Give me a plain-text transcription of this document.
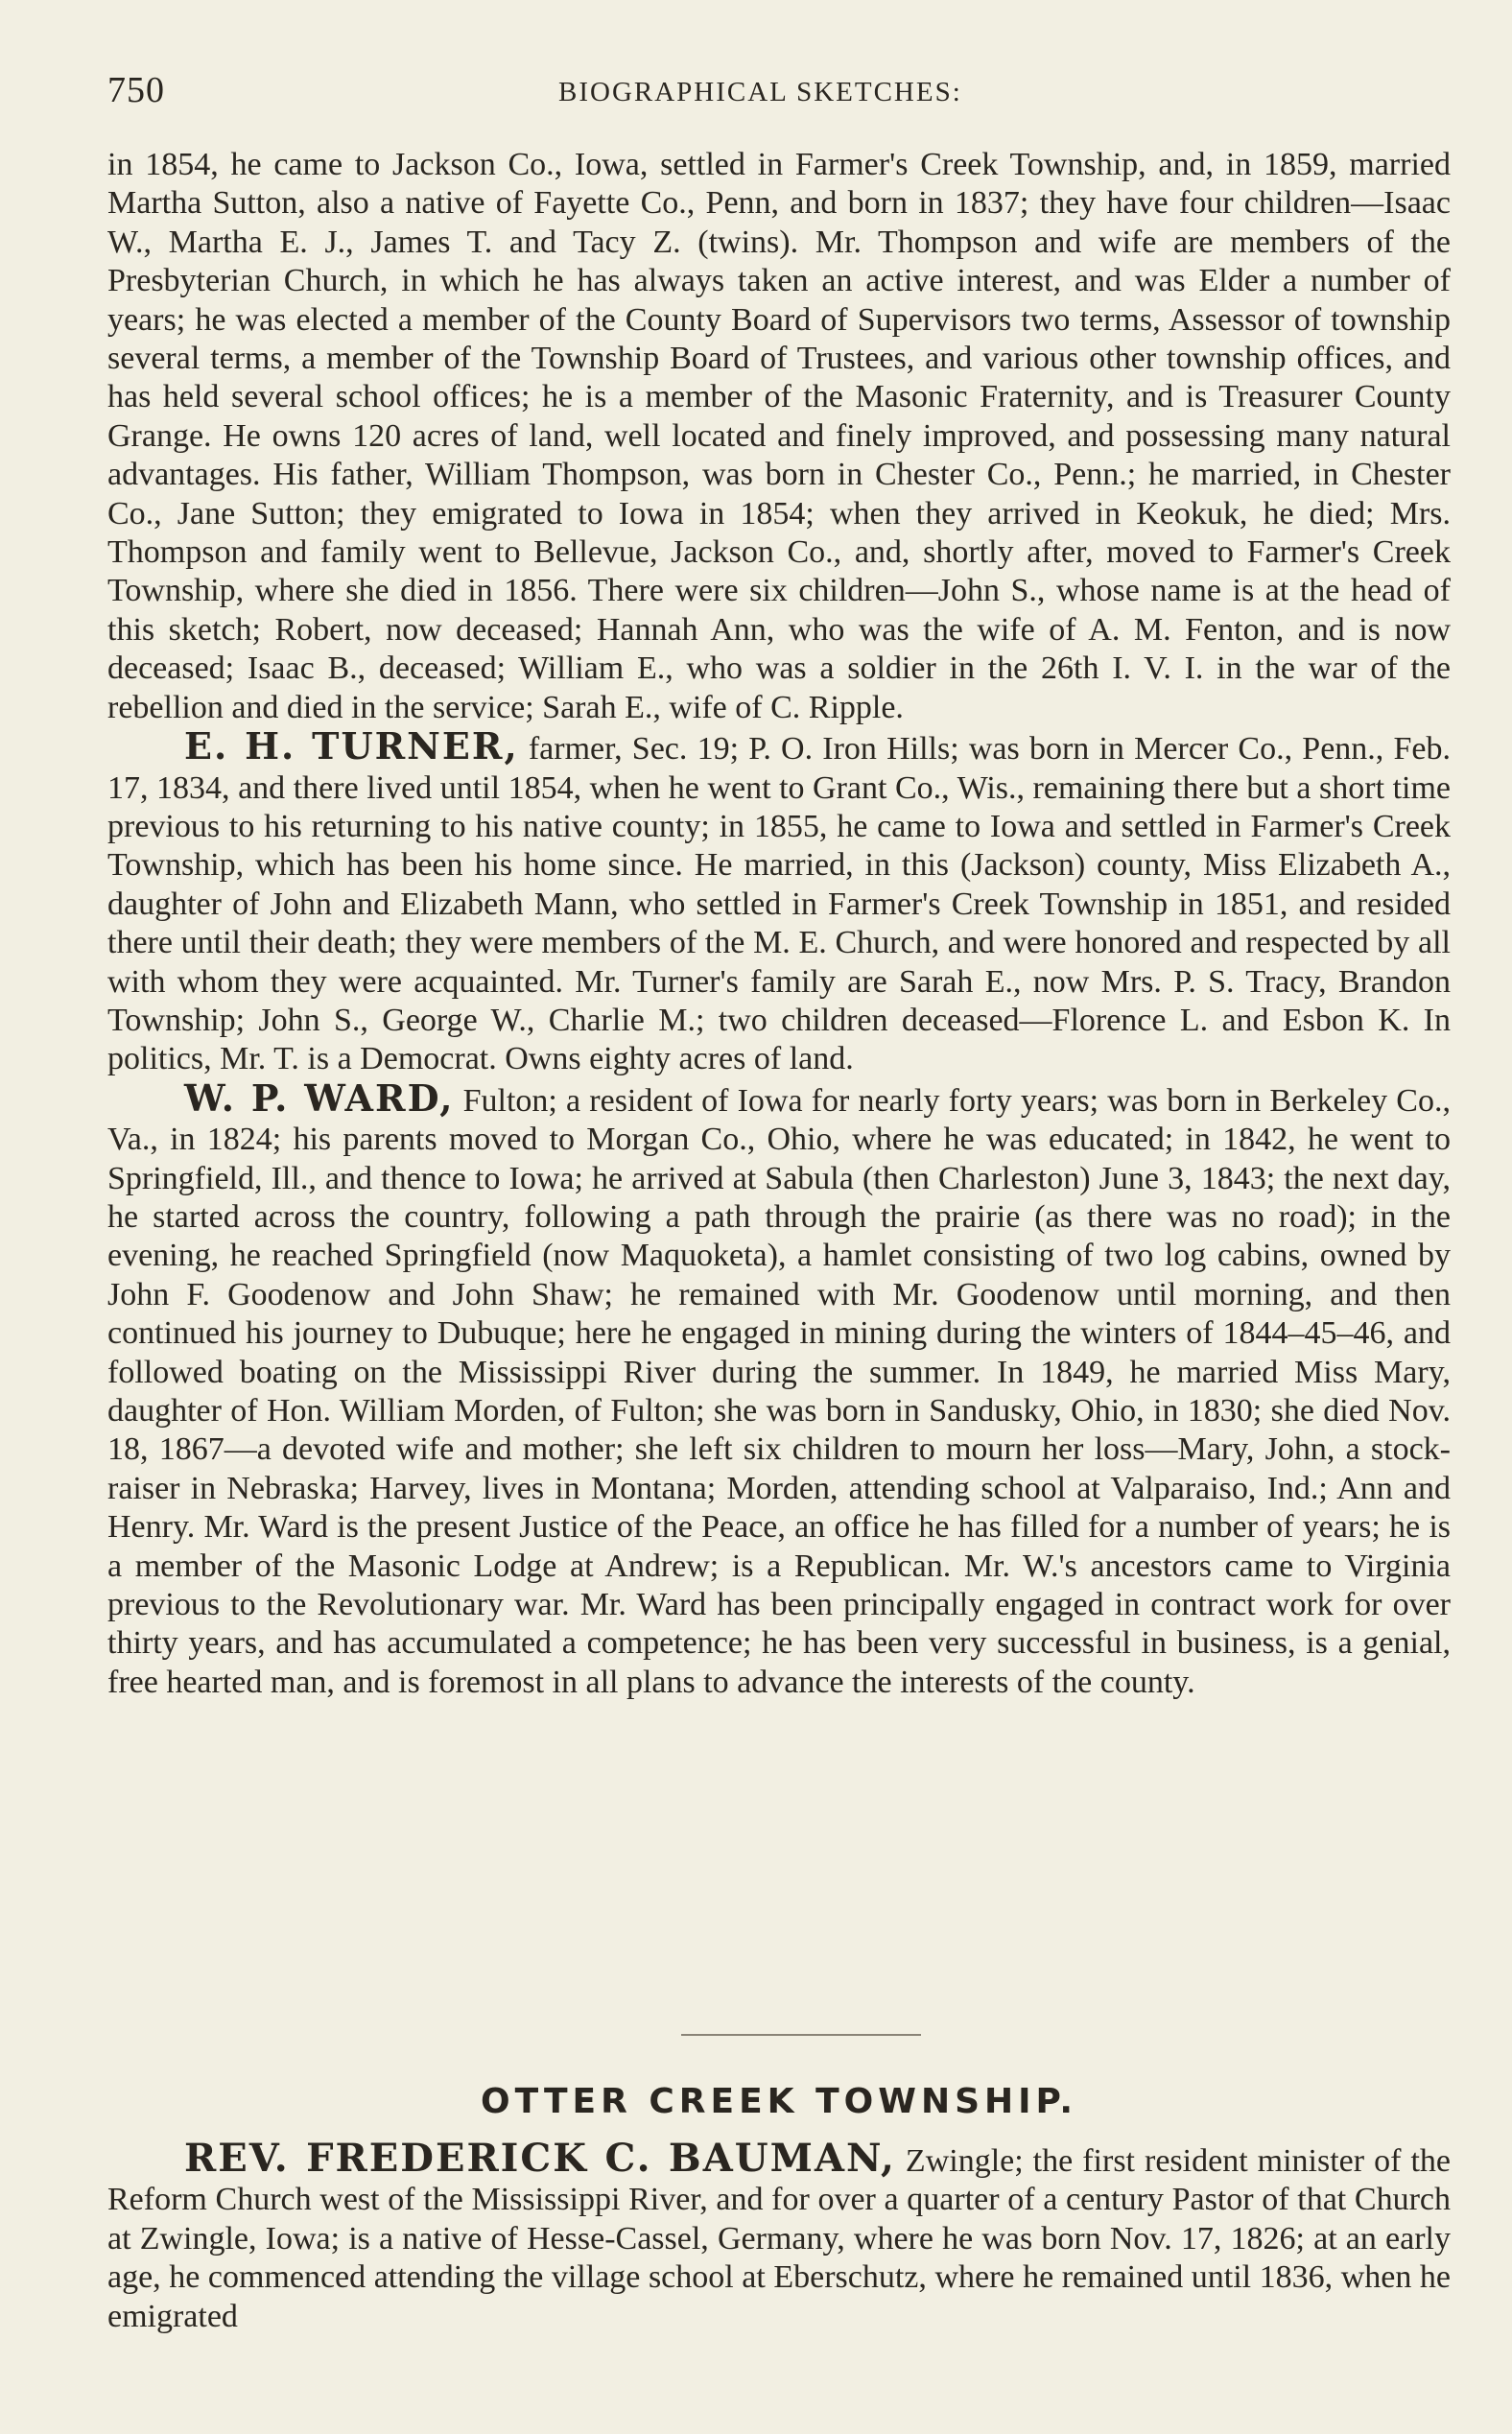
750	BIOGRAPHICAL SKETCHES:

in 1854, he came to Jackson Co., Iowa, settled in Farmer's Creek Township, and, in 1859, married Martha Sutton, also a native of Fayette Co., Penn, and born in 1837; they have four children—Isaac W., Martha E. J., James T. and Tacy Z. (twins). Mr. Thompson and wife are members of the Presbyterian Church, in which he has always taken an active interest, and was Elder a number of years; he was elected a member of the County Board of Supervisors two terms, Assessor of township several terms, a member of the Township Board of Trustees, and various other township offices, and has held several school offices; he is a member of the Masonic Fraternity, and is Treasurer County Grange. He owns 120 acres of land, well located and finely improved, and possessing many natural advantages. His father, William Thompson, was born in Chester Co., Penn.; he married, in Chester Co., Jane Sutton; they emigrated to Iowa in 1854; when they arrived in Keokuk, he died; Mrs. Thompson and family went to Bellevue, Jackson Co., and, shortly after, moved to Farmer's Creek Township, where she died in 1856. There were six children—John S., whose name is at the head of this sketch; Robert, now deceased; Hannah Ann, who was the wife of A. M. Fenton, and is now deceased; Isaac B., deceased; William E., who was a soldier in the 26th I. V. I. in the war of the rebellion and died in the service; Sarah E., wife of C. Ripple.

E. H. TURNER, farmer, Sec. 19; P. O. Iron Hills; was born in Mercer Co., Penn., Feb. 17, 1834, and there lived until 1854, when he went to Grant Co., Wis., remaining there but a short time previous to his returning to his native county; in 1855, he came to Iowa and settled in Farmer's Creek Township, which has been his home since. He married, in this (Jackson) county, Miss Elizabeth A., daughter of John and Elizabeth Mann, who settled in Farmer's Creek Township in 1851, and resided there until their death; they were members of the M. E. Church, and were honored and respected by all with whom they were acquainted. Mr. Turner's family are Sarah E., now Mrs. P. S. Tracy, Brandon Township; John S., George W., Charlie M.; two children deceased—Florence L. and Esbon K. In politics, Mr. T. is a Democrat. Owns eighty acres of land.

W. P. WARD, Fulton; a resident of Iowa for nearly forty years; was born in Berkeley Co., Va., in 1824; his parents moved to Morgan Co., Ohio, where he was educated; in 1842, he went to Springfield, Ill., and thence to Iowa; he arrived at Sabula (then Charleston) June 3, 1843; the next day, he started across the country, following a path through the prairie (as there was no road); in the evening, he reached Springfield (now Maquoketa), a hamlet consisting of two log cabins, owned by John F. Goodenow and John Shaw; he remained with Mr. Goodenow until morning, and then continued his journey to Dubuque; here he engaged in mining during the winters of 1844–45–46, and followed boating on the Mississippi River during the summer. In 1849, he married Miss Mary, daughter of Hon. William Morden, of Fulton; she was born in Sandusky, Ohio, in 1830; she died Nov. 18, 1867—a devoted wife and mother; she left six children to mourn her loss—Mary, John, a stock-raiser in Nebraska; Harvey, lives in Montana; Morden, attending school at Valparaiso, Ind.; Ann and Henry. Mr. Ward is the present Justice of the Peace, an office he has filled for a number of years; he is a member of the Masonic Lodge at Andrew; is a Republican. Mr. W.'s ancestors came to Virginia previous to the Revolutionary war. Mr. Ward has been principally engaged in contract work for over thirty years, and has accumulated a competence; he has been very successful in business, is a genial, free hearted man, and is foremost in all plans to advance the interests of the county.

OTTER CREEK TOWNSHIP.

REV. FREDERICK C. BAUMAN, Zwingle; the first resident minister of the Reform Church west of the Mississippi River, and for over a quarter of a century Pastor of that Church at Zwingle, Iowa; is a native of Hesse-Cassel, Germany, where he was born Nov. 17, 1826; at an early age, he commenced attending the village school at Eberschutz, where he remained until 1836, when he emigrated
